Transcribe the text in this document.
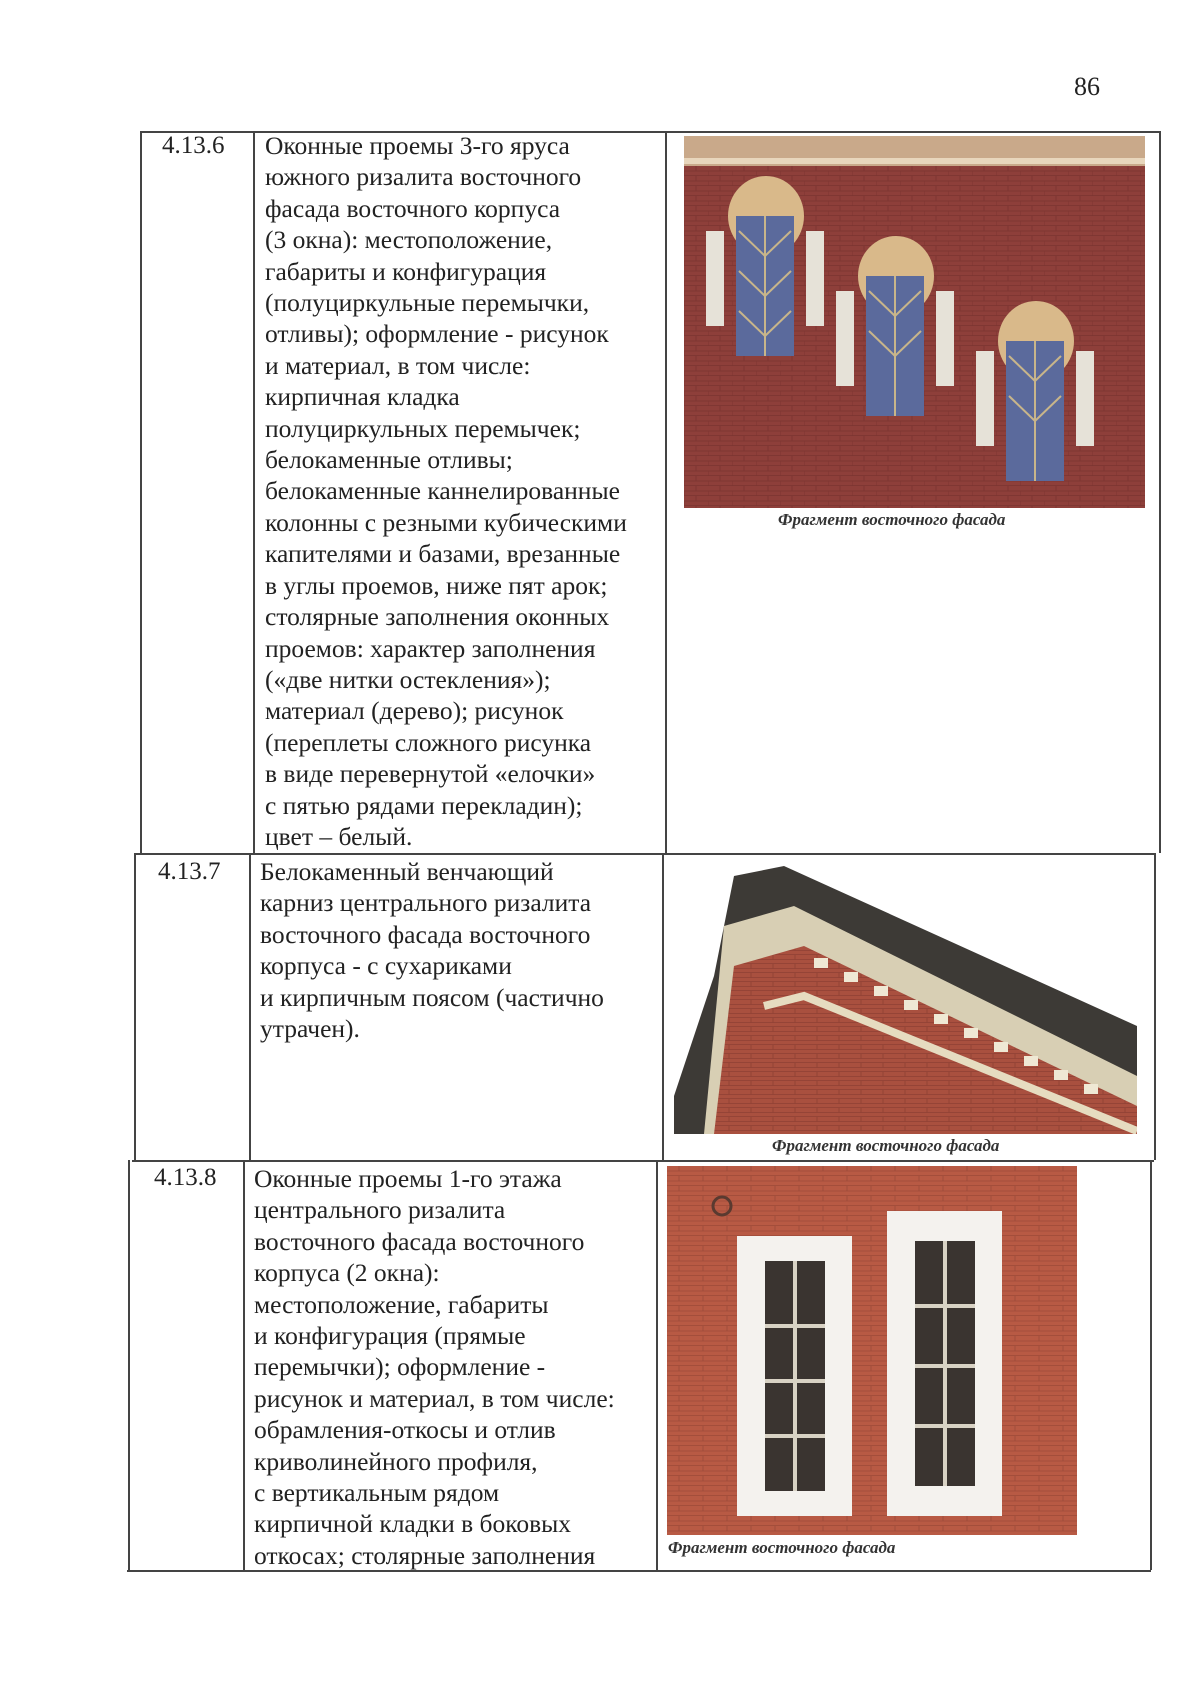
86
4.13.6 Оконные проемы 3-го яруса
южного ризалита восточного
фасада восточного корпуса
(3 окна): местоположение,
габариты и конфигурация
(полуциркульные перемычки,
отливы); оформление - рисунок
и материал, в том числе:
кирпичная кладка
полуциркульных перемычек;
белокаменные отливы;
белокаменные каннелированные
колонны с резными кубическими
капителями и базами, врезанные
в углы проемов, ниже пят арок;
столярные заполнения оконных
проемов: характер заполнения
(«две нитки остекления»);
материал (дерево); рисунок
(переплеты сложного рисунка
в виде перевернутой «елочки»
с пятью рядами перекладин);
цвет – белый.
Фрагмент восточного фасада
4.13.7 Белокаменный венчающий
карниз центрального ризалита
восточного фасада восточного
корпуса - с сухариками
и кирпичным поясом (частично
утрачен).
Фрагмент восточного фасада
4.13.8 Оконные проемы 1-го этажа
центрального ризалита
восточного фасада восточного
корпуса (2 окна):
местоположение, габариты
и конфигурация (прямые
перемычки); оформление -
рисунок и материал, в том числе:
обрамления-откосы и отлив
криволинейного профиля,
с вертикальным рядом
кирпичной кладки в боковых
откосах; столярные заполнения	Фрагмент восточного фасада
